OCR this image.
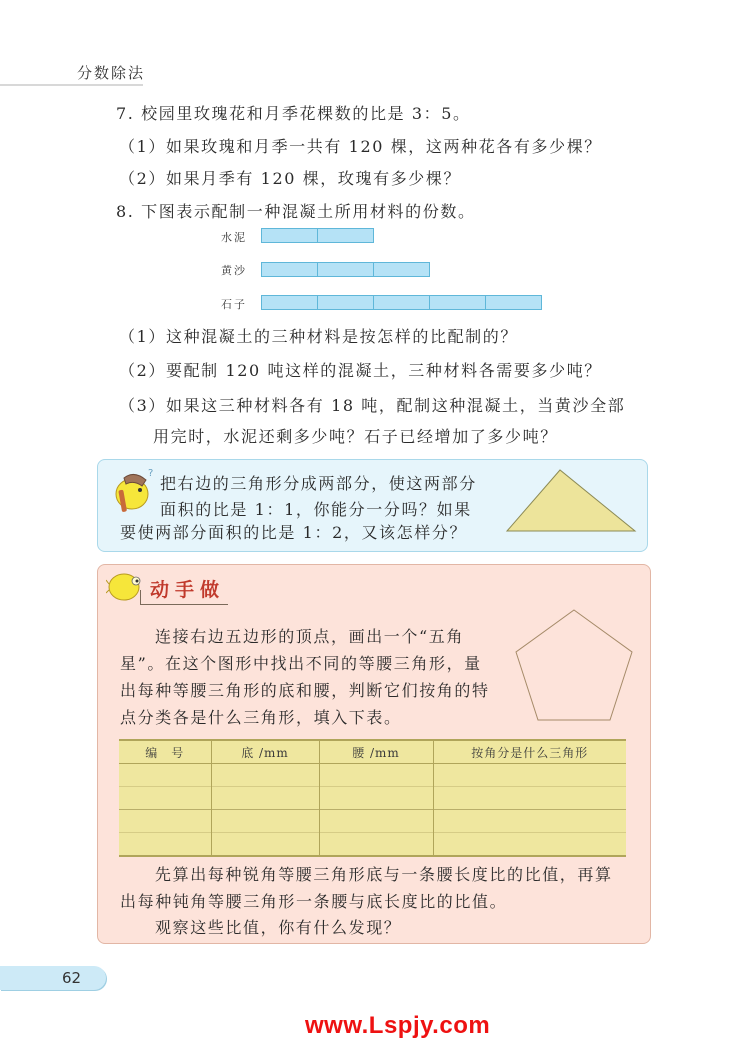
分数除法
7. 校园里玫瑰花和月季花棵数的比是 3：5。
（1）如果玫瑰和月季一共有 120 棵，这两种花各有多少棵？
（2）如果月季有 120 棵，玫瑰有多少棵？
8. 下图表示配制一种混凝土所用材料的份数。
水泥
黄沙
石子
（1）这种混凝土的三种材料是按怎样的比配制的？
（2）要配制 120 吨这样的混凝土，三种材料各需要多少吨？
（3）如果这三种材料各有 18 吨，配制这种混凝土，当黄沙全部
用完时，水泥还剩多少吨？石子已经增加了多少吨？
?
把右边的三角形分成两部分，使这两部分
面积的比是 1：1，你能分一分吗？如果
要使两部分面积的比是 1：2，又该怎样分？
动手做
连接右边五边形的顶点，画出一个“五角
星”。在这个图形中找出不同的等腰三角形，量
出每种等腰三角形的底和腰，判断它们按角的特
点分类各是什么三角形，填入下表。
编　号	底 /mm	腰 /mm	按角分是什么三角形

先算出每种锐角等腰三角形底与一条腰长度比的比值，再算
出每种钝角等腰三角形一条腰与底长度比的比值。
观察这些比值，你有什么发现？
62
www.Lspjy.com
